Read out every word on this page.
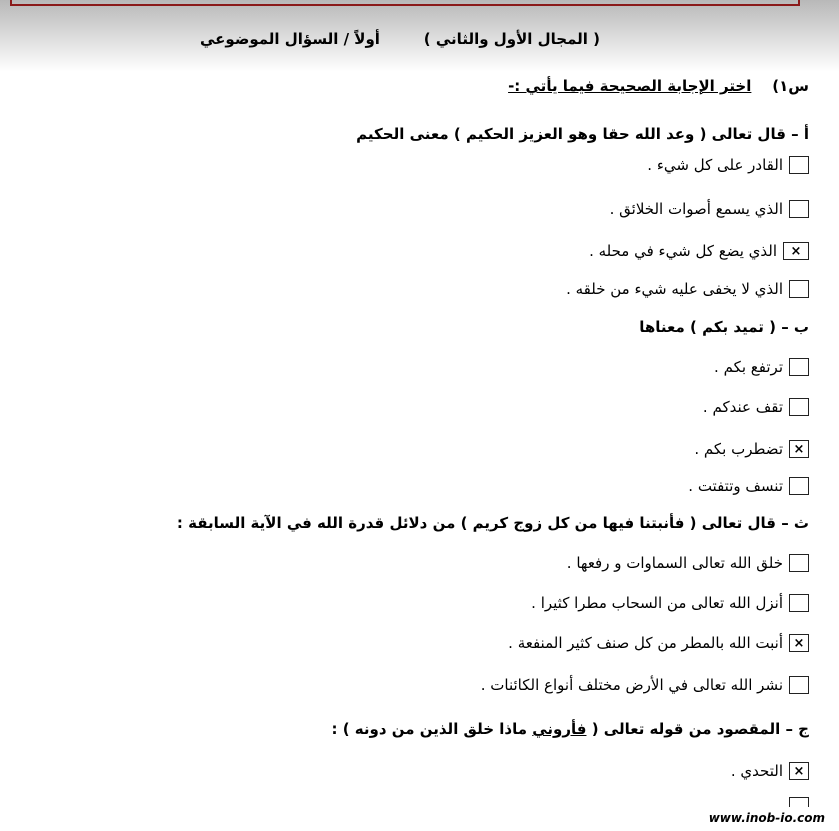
أولاً / السؤال الموضوعي	( المجال الأول والثاني )
س١)    اختر الإجابة الصحيحة فيما يأتي :-
أ – قال تعالى ( وعد الله حقا وهو العزيز الحكيم ) معنى الحكيم
القادر على كل شيء .
الذي يسمع أصوات الخلائق .
×
الذي يضع كل شيء في محله .
الذي لا يخفى عليه شيء من خلقه .
ب – ( تميد بكم ) معناها
ترتفع بكم .
تقف عندكم .
×
تضطرب بكم .
تنسف وتتفتت .
ث – قال تعالى ( فأنبتنا فيها من كل زوج كريم ) من دلائل قدرة الله في الآية السابقة :
خلق الله تعالى السماوات و رفعها .
أنزل الله تعالى من السحاب مطرا كثيرا .
×
أنبت الله بالمطر من كل صنف كثير المنفعة .
نشر الله تعالى في الأرض مختلف أنواع الكائنات .
ج – المقصود من قوله تعالى ( فأروني ماذا خلق الذين من دونه ) :
×
التحدي .
www.inob-io.com
